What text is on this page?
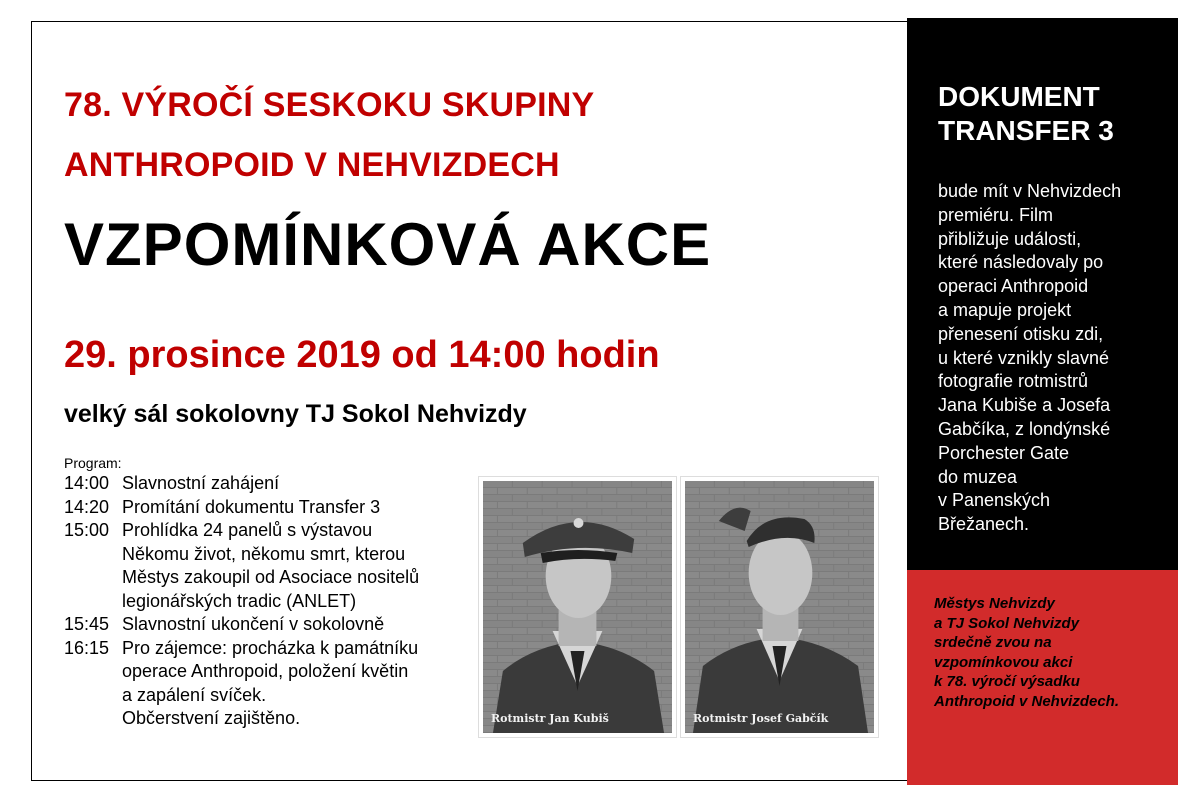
78. VÝROČÍ SESKOKU SKUPINY
ANTHROPOID V NEHVIZDECH
VZPOMÍNKOVÁ AKCE
29. prosince 2019 od 14:00 hodin
velký sál sokolovny TJ Sokol Nehvizdy
Program:
14:00 Slavnostní zahájení
14:20 Promítání dokumentu Transfer 3
15:00 Prohlídka 24 panelů s výstavou
Někomu život, někomu smrt, kterou
Městys zakoupil od Asociace nositelů
legionářských tradic (ANLET)
15:45 Slavnostní ukončení v sokolovně
16:15 Pro zájemce: procházka k památníku
operace Anthropoid, položení květin
a zapálení svíček.
Občerstvení zajištěno.	Rotmistr Jan Kubiš	Rotmistr Josef Gabčík
DOKUMENT
TRANSFER 3
bude mít v Nehvizdech
premiéru. Film
přibližuje události,
které následovaly po
operaci Anthropoid
a mapuje projekt
přenesení otisku zdi,
u které vznikly slavné
fotografie rotmistrů
Jana Kubiše a Josefa
Gabčíka, z londýnské
Porchester Gate
do muzea
v Panenských
Břežanech.
Městys Nehvizdy
a TJ Sokol Nehvizdy
srdečně zvou na
vzpomínkovou akci
k 78. výročí výsadku
Anthropoid v Nehvizdech.
